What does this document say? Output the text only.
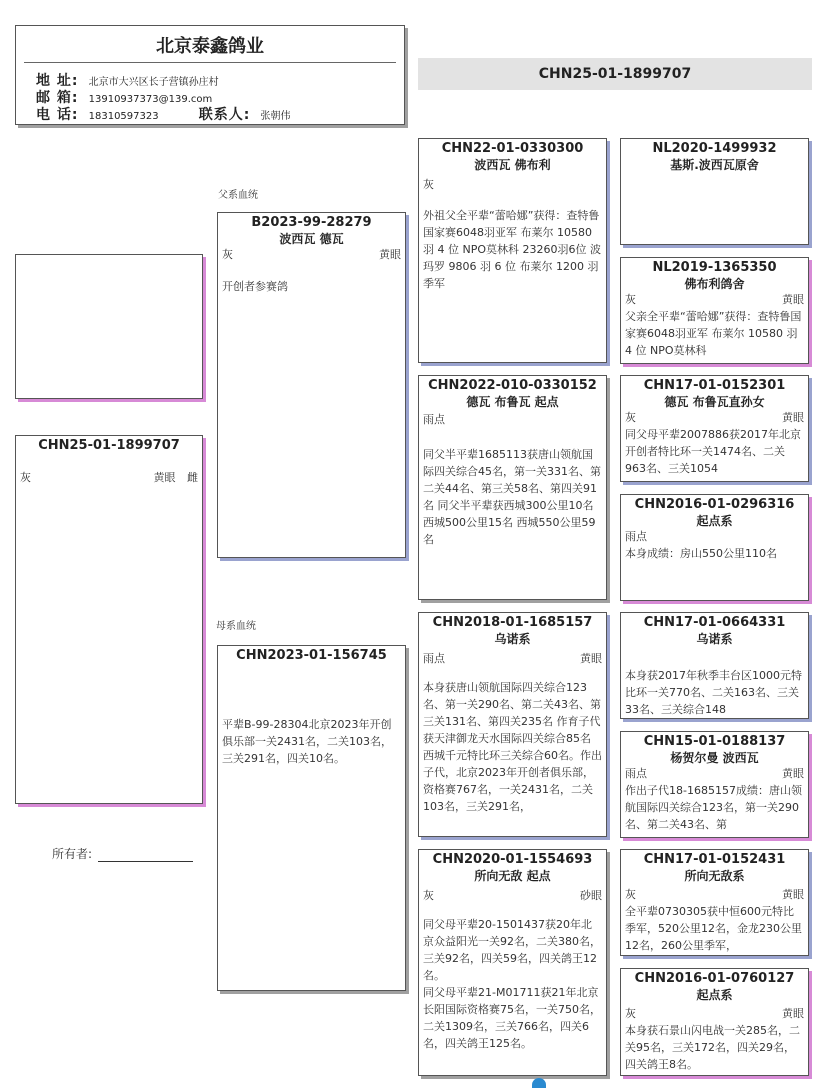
北京泰鑫鸽业
地 址: 北京市大兴区长子营镇孙庄村
邮 箱: 13910937373@139.com
电 话: 18310597323	联系人: 张朝伟
CHN25-01-1899707
父系血统
母系血统
CHN25-01-1899707
灰	黄眼 雌
所有者:
B2023-99-28279
波西瓦 德瓦
灰	黄眼
开创者参赛鸽
CHN2023-01-156745
平辈B-99-28304北京2023年开创俱乐部一关2431名，二关103名，三关291名，四关10名。
CHN22-01-0330300
波西瓦 佛布利
灰
外祖父全平辈“蕾哈娜”获得：查特鲁国家赛6048羽亚军 布莱尔 10580 羽 4 位 NPO莫林科 23260羽6位 波玛罗 9806 羽 6 位 布莱尔 1200 羽季军
CHN2022-010-0330152
德瓦 布鲁瓦 起点
雨点
同父半平辈1685113获唐山领航国际四关综合45名，第一关331名、第二关44名、第三关58名、第四关91名 同父半平辈获西城300公里10名 西城500公里15名 西城550公里59名
CHN2018-01-1685157
乌诺系
雨点	黄眼
本身获唐山领航国际四关综合123名、第一关290名、第二关43名、第三关131名、第四关235名 作育子代获天津御龙天水国际四关综合85名 西城千元特比环三关综合60名。作出子代，北京2023年开创者俱乐部，资格赛767名，一关2431名，二关103名，三关291名，
CHN2020-01-1554693
所向无敌 起点
灰	砂眼
同父母平辈20-1501437获20年北京众益阳光一关92名，二关380名，三关92名，四关59名，四关鸽王12名。
同父母平辈21-M01711获21年北京长阳国际资格赛75名，一关750名，二关1309名，三关766名，四关6名，四关鸽王125名。
NL2020-1499932
基斯.波西瓦原舍
NL2019-1365350
佛布利鸽舍
灰	黄眼
父亲全平辈“蕾哈娜”获得：查特鲁国家赛6048羽亚军 布莱尔 10580 羽 4 位 NPO莫林科
CHN17-01-0152301
德瓦 布鲁瓦直孙女
灰	黄眼
同父母平辈2007886获2017年北京开创者特比环一关1474名、二关963名、三关1054
CHN2016-01-0296316
起点系
雨点
本身成绩：房山550公里110名
CHN17-01-0664331
乌诺系
本身获2017年秋季丰台区1000元特比环一关770名、二关163名、三关33名、三关综合148
CHN15-01-0188137
杨贺尔曼 波西瓦
雨点	黄眼
作出子代18-1685157成绩：唐山领航国际四关综合123名，第一关290名、第二关43名、第
CHN17-01-0152431
所向无敌系
灰	黄眼
全平辈0730305获中恒600元特比季军，520公里12名，金龙230公里12名，260公里季军，
CHN2016-01-0760127
起点系
灰	黄眼
本身获石景山闪电战一关285名，二关95名，三关172名，四关29名，四关鸽王8名。
